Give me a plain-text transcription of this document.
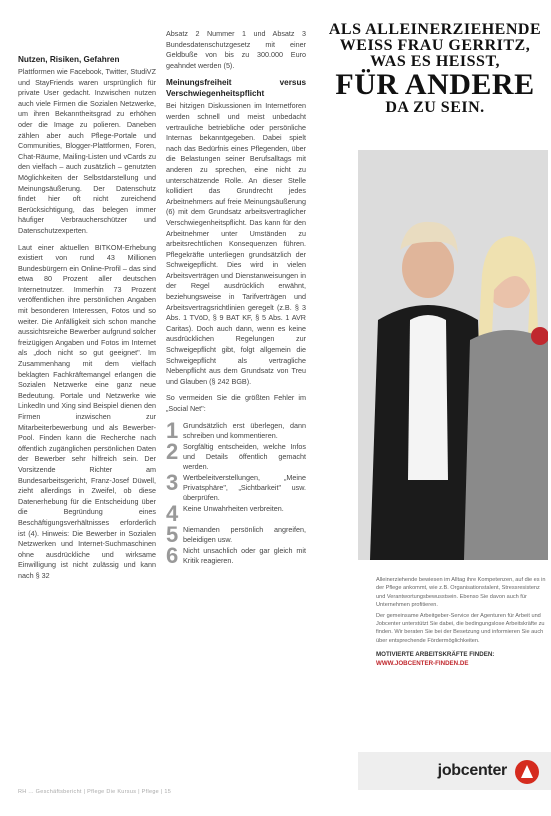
Nutzen, Risiken, Gefahren

Plattformen wie Facebook, Twitter, StudiVZ und StayFriends waren ursprünglich für private User gedacht. Inzwischen nutzen auch viele Firmen die Sozialen Netzwerke, um ihren Bekanntheitsgrad zu erhöhen oder die Image zu polieren. Daneben zählen aber auch Pflege-Portale und Communities, Blogger-Plattformen, Foren, Chat-Räume, Mailing-Listen und vCards zu den vielfach – auch zusätzlich – genutzten Möglichkeiten der Selbstdarstellung und Meinungsäußerung. Der Datenschutz findet hier oft nicht zureichend Berücksichtigung, das belegen immer häufiger Verbraucherschützer und Datenschutzexperten.

Laut einer aktuellen BITKOM-Erhebung existiert von rund 43 Millionen Bundesbürgern ein Online-Profil – das sind etwa 80 Prozent aller deutschen Internetnutzer. Immerhin 73 Prozent veröffentlichen ihre persönlichen Angaben mit besonderen Interessen, Fotos und so weiter. Die Anfälligkeit sich schon manche aussichtsreiche Bewerber aufgrund solcher freizügigen Angaben und Fotos im Internet als „doch nicht so gut geeignet". Im Zusammenhang mit dem vielfach beklagten Fachkräftemangel erlangen die Sozialen Netzwerke eine ganz neue Bedeutung. Portale und Netzwerke wie LinkedIn und Xing sind Beispiel dienen den Firmen inzwischen zur Mitarbeiterbewerbung und als Bewerber-Pool. Finden kann die Recherche nach öffentlich zugänglichen persönlichen Daten der Bewerber sehr hilfreich sein. Der Vorsitzende Richter am Bundesarbeitsgericht, Franz-Josef Düwell, zieht allerdings in Zweifel, ob diese Datenerhebung für die Entscheidung über die Begründung eines Beschäftigungsverhältnisses erforderlich ist (4). Hinweis: Die Bewerber in Sozialen Netzwerken und Internet-Suchmaschinen ohne ausdrückliche und wirksame Einwilligung ist nicht zulässig und kann nach § 32

Absatz 2 Nummer 1 und Absatz 3 Bundesdatenschutzgesetz mit einer Geldbuße von bis zu 300.000 Euro geahndet werden (5).

Meinungsfreiheit versus Verschwiegenheitspflicht

Bei hitzigen Diskussionen im Internetforen werden schnell und meist unbedacht vertrauliche betriebliche oder persönliche Internas bekanntgegeben. Dabei spielt nach das Bedürfnis eines Pflegenden, über die Belastungen seiner Berufsalltags mit anderen zu sprechen, eine nicht zu unterschätzende Rolle. An dieser Stelle kollidiert das Grundrecht jedes Arbeitnehmers auf freie Meinungsäußerung (6) mit dem Grundsatz arbeitsvertraglicher Verschwiegenheitspflicht. Das kann für den Arbeitnehmer unter Umständen zu arbeitsrechtlichen Konsequenzen führen. Pflegekräfte unterliegen grundsätzlich der Schweigepflicht. Dies wird in vielen Arbeitsverträgen und Dienstanweisungen in der Regel ausdrücklich erwähnt, beziehungsweise in Tarifverträgen und Arbeitsvertragsrichtlinien geregelt (z.B. § 3 Abs. 1 TVöD, § 9 BAT KF, § 5 Abs. 1 AVR Caritas). Doch auch dann, wenn es keine ausdrücklichen Regelungen zur Schweigepflicht gibt, folgt allgemein die Schweigepflicht als vertragliche Nebenpflicht aus dem Grundsatz von Treu und Glauben (§ 242 BGB).

So vermeiden Sie die größten Fehler im „Social Net":

1 Grundsätzlich erst überlegen, dann schreiben und kommentieren.
2 Sorgfältig entscheiden, welche Infos und Details öffentlich gemacht werden.
3 Wertbeleitverstellungen, „Meine Privatsphäre", „Sichtbarkeit" usw. überprüfen.
4 Keine Unwahrheiten verbreiten.
5 Niemanden persönlich angreifen, beleidigen usw.
6 Nicht unsachlich oder gar gleich mit Kritik reagieren.
RH ... Geschäftsbericht | Pflege Die Kursus | Pflege | 15
ALS ALLEINERZIEHENDE
WEISS FRAU GERRITZ,
WAS ES HEISST,
FÜR ANDERE
DA ZU SEIN.

Alleinerziehende bewiesen im Alltag ihre Kompetenzen, auf die es in der Pflege ankommt, wie z.B. Organisationstalent, Stressresistenz und Verantwortungsbewusstsein. Ebenso Sie davon auch für Unternehmen profitieren.

Der gemeinsame Arbeitgeber-Service der Agenturen für Arbeit und Jobcenter unterstützt Sie dabei, die bedingungslose Arbeitskräfte zu finden. Wir beraten Sie bei der Besetzung und informieren Sie auch über entsprechende Fördermöglichkeiten.

MOTIVIERTE ARBEITSKRÄFTE FINDEN:
WWW.JOBCENTER-FINDEN.DE
jobcenter
